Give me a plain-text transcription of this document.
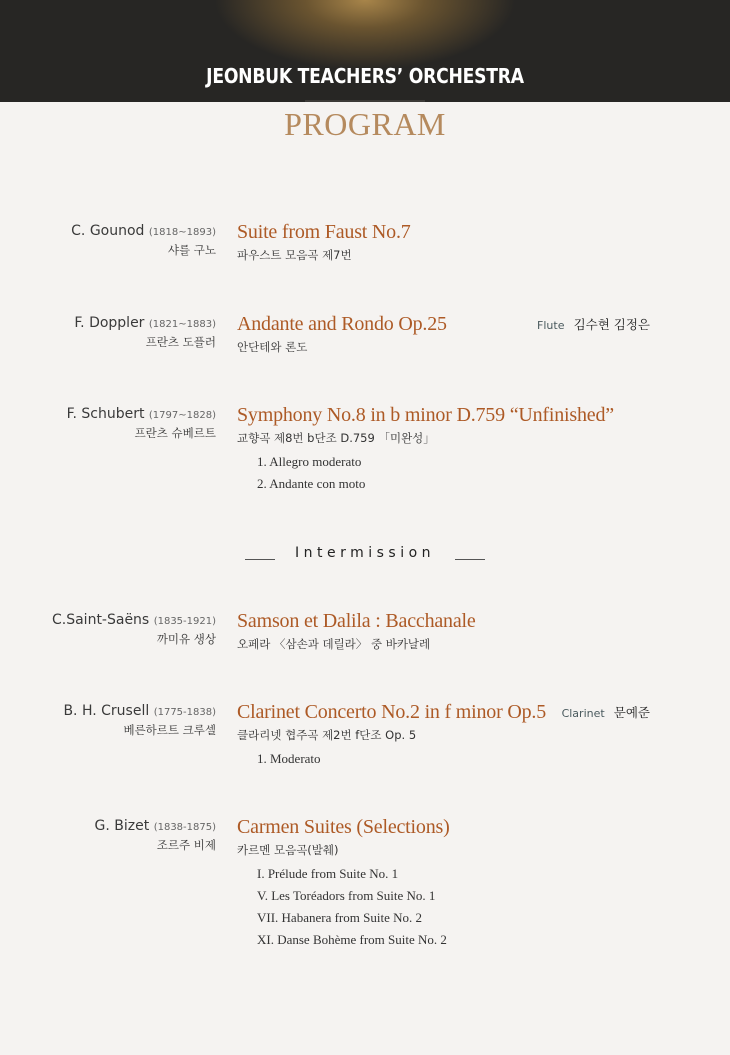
JEONBUK TEACHERS’ ORCHESTRA
PROGRAM
C. Gounod (1818~1893)
샤를 구노
Suite from Faust No.7
파우스트 모음곡 제7번
F. Doppler (1821~1883)
프란츠 도플러
Andante and Rondo Op.25
안단테와 론도
Flute 김수현 김정은
F. Schubert (1797~1828)
프란츠 슈베르트
Symphony No.8 in b minor D.759 “Unfinished”
교향곡 제8번 b단조 D.759 「미완성」
1. Allegro moderato
2. Andante con moto
Intermission
C.Saint-Saëns (1835-1921)
까미유 생상
Samson et Dalila : Bacchanale
오페라 〈삼손과 데릴라〉 중 바카날레
B. H. Crusell (1775-1838)
베른하르트 크루셀
Clarinet Concerto No.2 in f minor Op.5
클라리넷 협주곡 제2번 f단조 Op. 5
1. Moderato
Clarinet 문예준
G. Bizet (1838-1875)
조르주 비제
Carmen Suites (Selections)
카르멘 모음곡(발췌)
I. Prélude from Suite No. 1
V. Les Toréadors from Suite No. 1
VII. Habanera from Suite No. 2
XI. Danse Bohème from Suite No. 2
